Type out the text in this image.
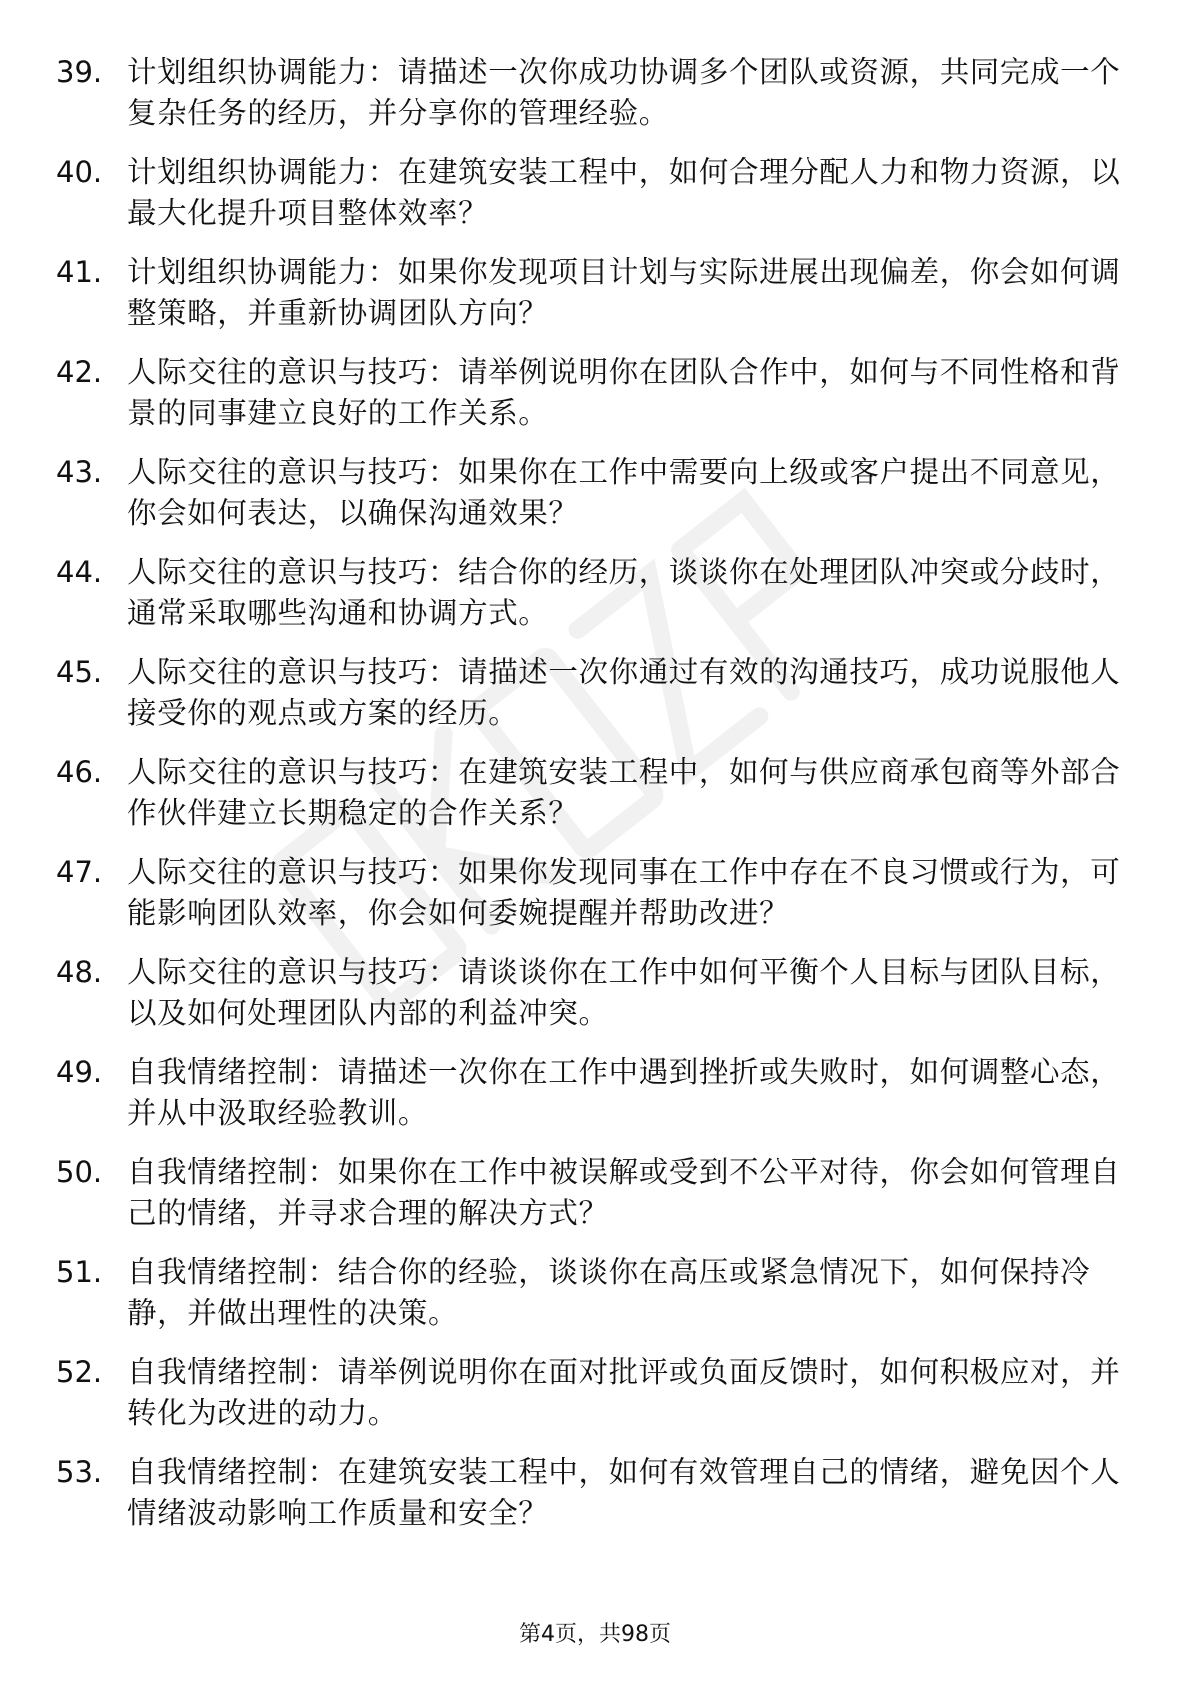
39. 计划组织协调能力：请描述一次你成功协调多个团队或资源，共同完成一个复杂任务的经历，并分享你的管理经验。
40. 计划组织协调能力：在建筑安装工程中，如何合理分配人力和物力资源，以最大化提升项目整体效率？
41. 计划组织协调能力：如果你发现项目计划与实际进展出现偏差，你会如何调整策略，并重新协调团队方向？
42. 人际交往的意识与技巧：请举例说明你在团队合作中，如何与不同性格和背景的同事建立良好的工作关系。
43. 人际交往的意识与技巧：如果你在工作中需要向上级或客户提出不同意见，你会如何表达，以确保沟通效果？
44. 人际交往的意识与技巧：结合你的经历，谈谈你在处理团队冲突或分歧时，通常采取哪些沟通和协调方式。
45. 人际交往的意识与技巧：请描述一次你通过有效的沟通技巧，成功说服他人接受你的观点或方案的经历。
46. 人际交往的意识与技巧：在建筑安装工程中，如何与供应商承包商等外部合作伙伴建立长期稳定的合作关系？
47. 人际交往的意识与技巧：如果你发现同事在工作中存在不良习惯或行为，可能影响团队效率，你会如何委婉提醒并帮助改进？
48. 人际交往的意识与技巧：请谈谈你在工作中如何平衡个人目标与团队目标，以及如何处理团队内部的利益冲突。
49. 自我情绪控制：请描述一次你在工作中遇到挫折或失败时，如何调整心态，并从中汲取经验教训。
50. 自我情绪控制：如果你在工作中被误解或受到不公平对待，你会如何管理自己的情绪，并寻求合理的解决方式？
51. 自我情绪控制：结合你的经验，谈谈你在高压或紧急情况下，如何保持冷静，并做出理性的决策。
52. 自我情绪控制：请举例说明你在面对批评或负面反馈时，如何积极应对，并转化为改进的动力。
53. 自我情绪控制：在建筑安装工程中，如何有效管理自己的情绪，避免因个人情绪波动影响工作质量和安全？
第4页，共98页
